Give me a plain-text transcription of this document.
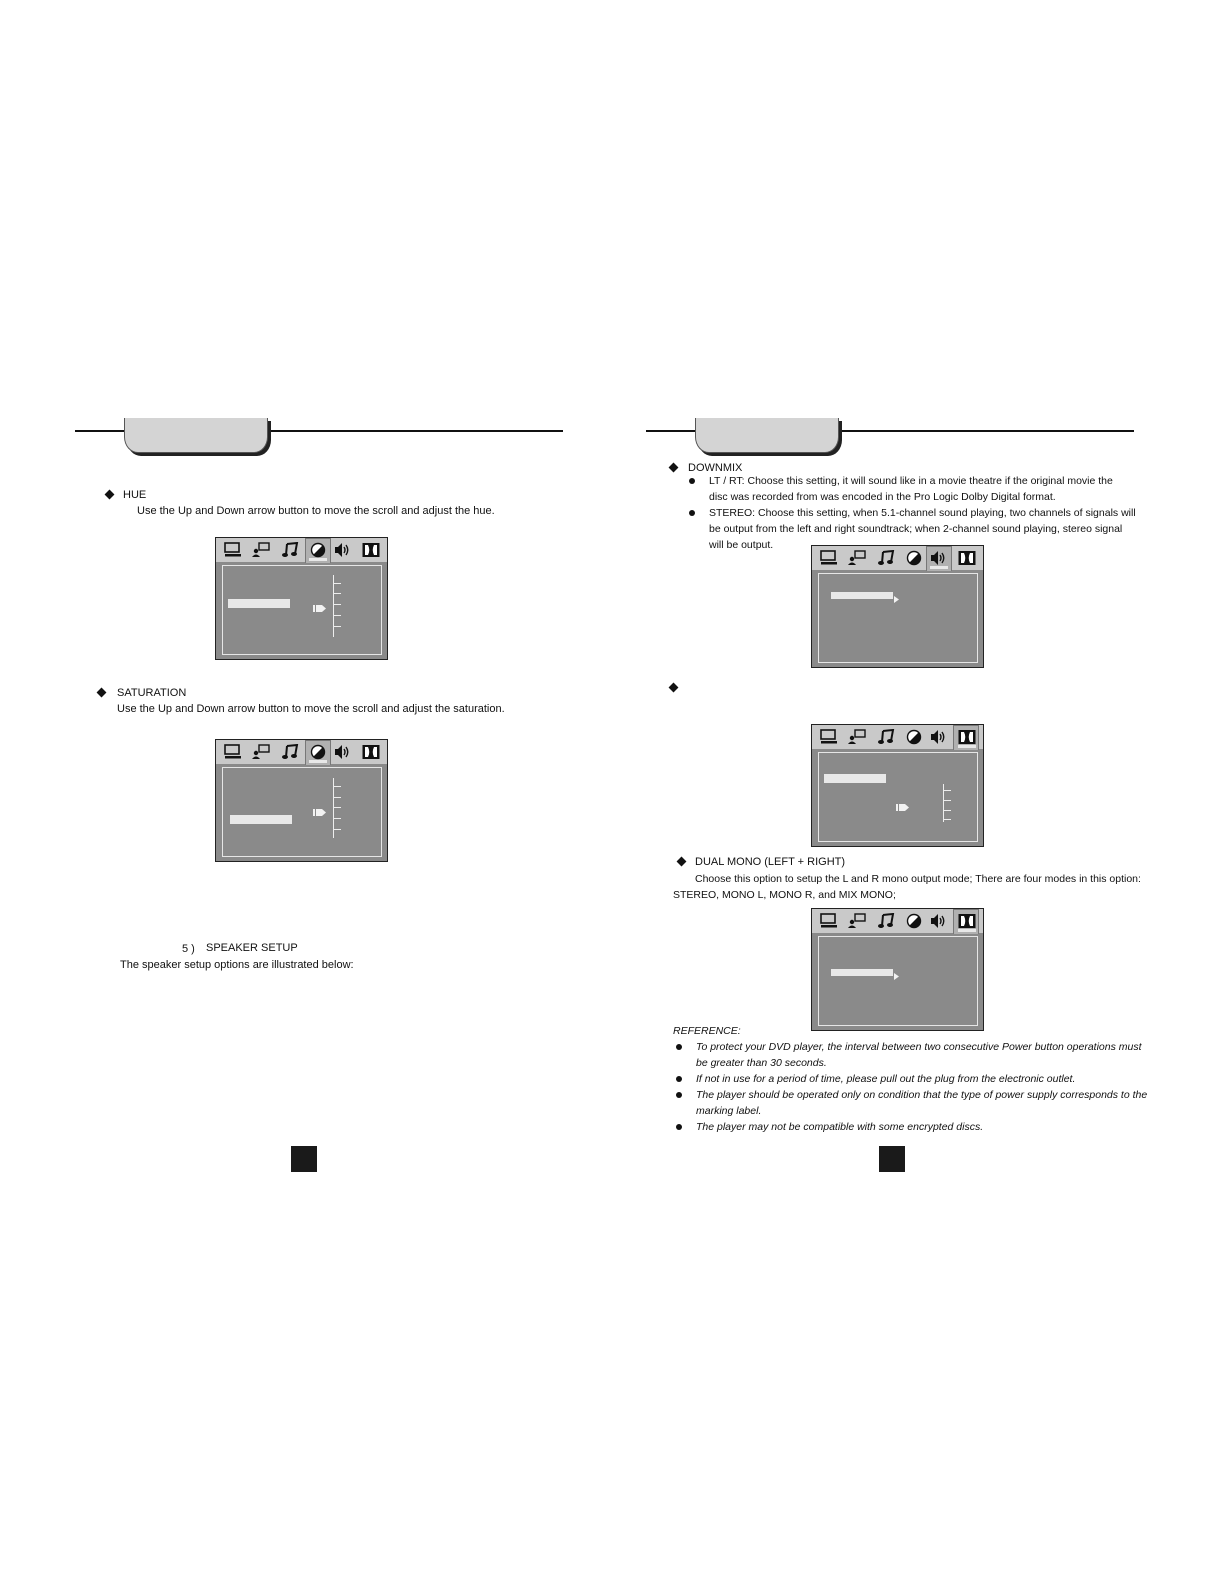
HUE
Use the Up and Down arrow button to move the scroll and adjust the hue.
SATURATION
Use the Up and Down arrow button to move the scroll and adjust the saturation.
5 ) SPEAKER SETUP
The speaker setup options are illustrated below:
DOWNMIX
LT / RT: Choose this setting, it will sound like in a movie theatre if the original movie the
disc was recorded from was encoded in the Pro Logic Dolby Digital format.
STEREO: Choose this setting, when 5.1-channel sound playing, two channels of signals will
be output from the left and right soundtrack; when 2-channel sound playing, stereo signal
will be output.
DUAL MONO (LEFT + RIGHT)
Choose this option to setup the L and R mono output mode; There are four modes in this option:
STEREO, MONO L, MONO R, and MIX MONO;
REFERENCE:
To protect your DVD player, the interval between two consecutive Power button operations must
be greater than 30 seconds.
If not in use for a period of time, please pull out the plug from the electronic outlet.
The player should be operated only on condition that the type of power supply corresponds to the
marking label.
The player may not be compatible with some encrypted discs.
